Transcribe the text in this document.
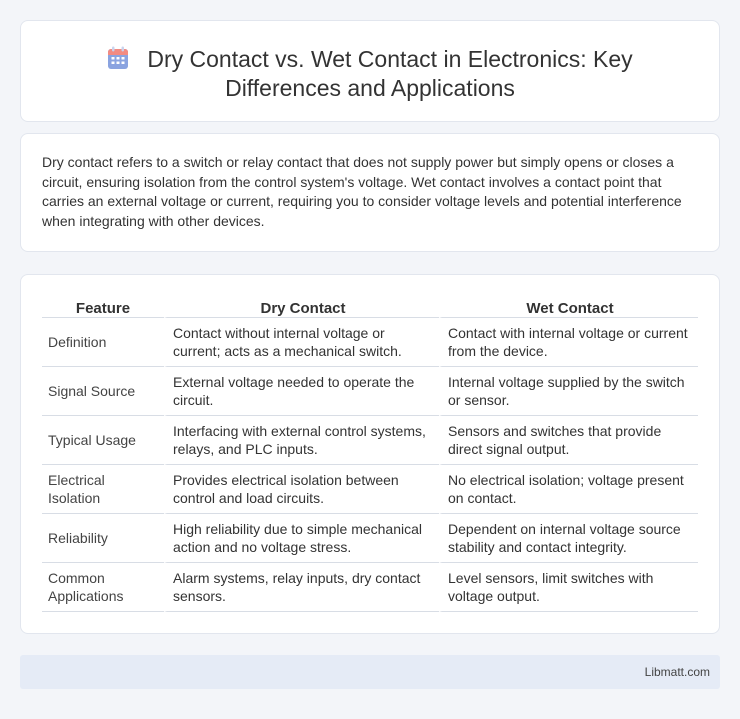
Dry Contact vs. Wet Contact in Electronics: Key
Differences and Applications

Dry contact refers to a switch or relay contact that does not supply power but simply opens or closes a circuit, ensuring isolation from the control system's voltage. Wet contact involves a contact point that carries an external voltage or current, requiring you to consider voltage levels and potential interference when integrating with other devices.

Feature	Dry Contact	Wet Contact
Definition	Contact without internal voltage or current; acts as a mechanical switch.	Contact with internal voltage or current from the device.
Signal Source	External voltage needed to operate the circuit.	Internal voltage supplied by the switch or sensor.
Typical Usage	Interfacing with external control systems, relays, and PLC inputs.	Sensors and switches that provide direct signal output.
Electrical Isolation	Provides electrical isolation between control and load circuits.	No electrical isolation; voltage present on contact.
Reliability	High reliability due to simple mechanical action and no voltage stress.	Dependent on internal voltage source stability and contact integrity.
Common Applications	Alarm systems, relay inputs, dry contact sensors.	Level sensors, limit switches with voltage output.
Libmatt.com
